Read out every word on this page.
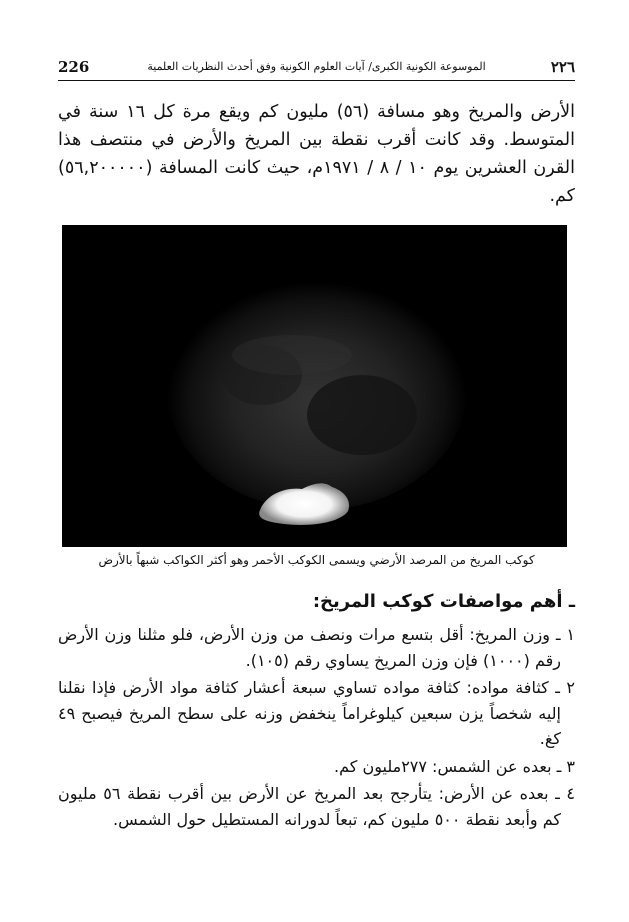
226	الموسوعة الكونية الكبرى/ آيات العلوم الكونية وفق أحدث النظريات العلمية	٢٢٦

الأرض والمريخ وهو مسافة (٥٦) مليون كم ويقع مرة كل ١٦ سنة في المتوسط. وقد كانت أقرب نقطة بين المريخ والأرض في منتصف هذا القرن العشرين يوم ١٠ / ٨ / ١٩٧١م، حيث كانت المسافة (٥٦,٢٠٠٠٠٠) كم.

كوكب المريخ من المرصد الأرضي ويسمى الكوكب الأحمر وهو أكثر الكواكب شبهاً بالأرض
ـ أهم مواصفات كوكب المريخ:
١ ـ وزن المريخ: أقل بتسع مرات ونصف من وزن الأرض، فلو مثلنا وزن الأرض رقم (١٠٠٠) فإن وزن المريخ يساوي رقم (١٠٥).
٢ ـ كثافة مواده: كثافة مواده تساوي سبعة أعشار كثافة مواد الأرض فإذا نقلنا إليه شخصاً يزن سبعين كيلوغراماً ينخفض وزنه على سطح المريخ فيصبح ٤٩ كغ.
٣ ـ بعده عن الشمس: ٢٧٧مليون كم.
٤ ـ بعده عن الأرض: يتأرجح بعد المريخ عن الأرض بين أقرب نقطة ٥٦ مليون كم وأبعد نقطة ٥٠٠ مليون كم، تبعاً لدورانه المستطيل حول الشمس.
